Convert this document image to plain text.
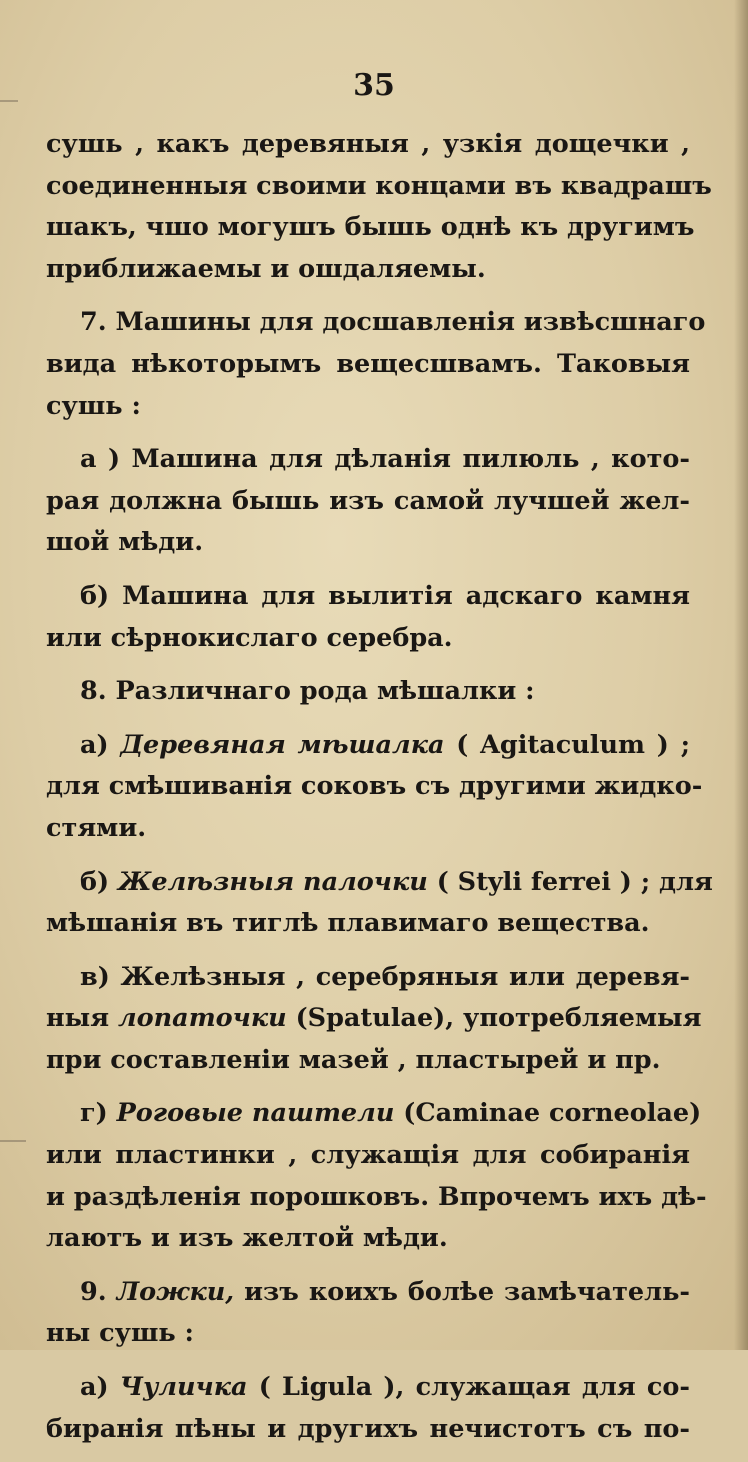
35

сушь , какъ деревяныя , узкія дощечки ,
соединенныя своими концами въ квадрашъ
шакъ, чшо могушъ бышь однѣ къ другимъ
приближаемы и ошдаляемы.

7. Машины для досшавленія извѣсшнаго
вида нѣкоторымъ вещесшвамъ. Таковыя
сушь :

а ) Машина для дѣланія пилюль , кото-
рая должна бышь изъ самой лучшей жел-
шой мѣди.

б) Машина для вылитія адскаго камня
или сѣрнокислаго серебра.

8. Различнаго рода мѣшалки :

а) Деревяная мѣшалка ( Agitaculum ) ;
для смѣшиванія соковъ съ другими жидко-
стями.

б) Желѣзныя палочки ( Styli ferrei ) ; для
мѣшанія въ тиглѣ плавимаго вещества.

в) Желѣзныя , серебряныя или деревя-
ныя лопаточки (Spatulae), употребляемыя
при составленіи мазей , пластырей и пр.

г) Роговые паштели (Caminae corneolae)
или пластинки , служащія для собиранія
и раздѣленія порошковъ. Впрочемъ ихъ дѣ-
лаютъ и изъ желтой мѣди.

9. Ложки, изъ коихъ болѣе замѣчатель-
ны сушь :

а) Чуличка ( Ligula ), служащая для со-
биранія пѣны и другихъ нечистотъ съ по-
